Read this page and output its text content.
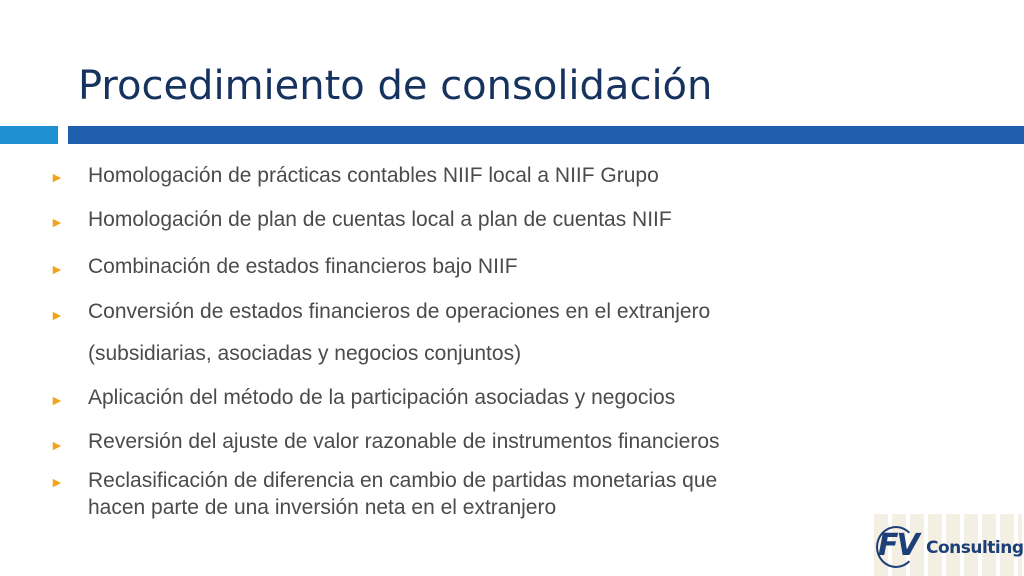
Procedimiento de consolidación
► Homologación de prácticas contables NIIF local a NIIF Grupo
► Homologación de plan de cuentas local a plan de cuentas NIIF
► Combinación de estados financieros bajo NIIF
► Conversión de estados financieros de operaciones en el extranjero
(subsidiarias, asociadas y negocios conjuntos)
► Aplicación del método de la participación asociadas y negocios
► Reversión del ajuste de valor razonable de instrumentos financieros
► Reclasificación de diferencia en cambio de partidas monetarias que
hacen parte de una inversión neta en el extranjero
FV Consulting
